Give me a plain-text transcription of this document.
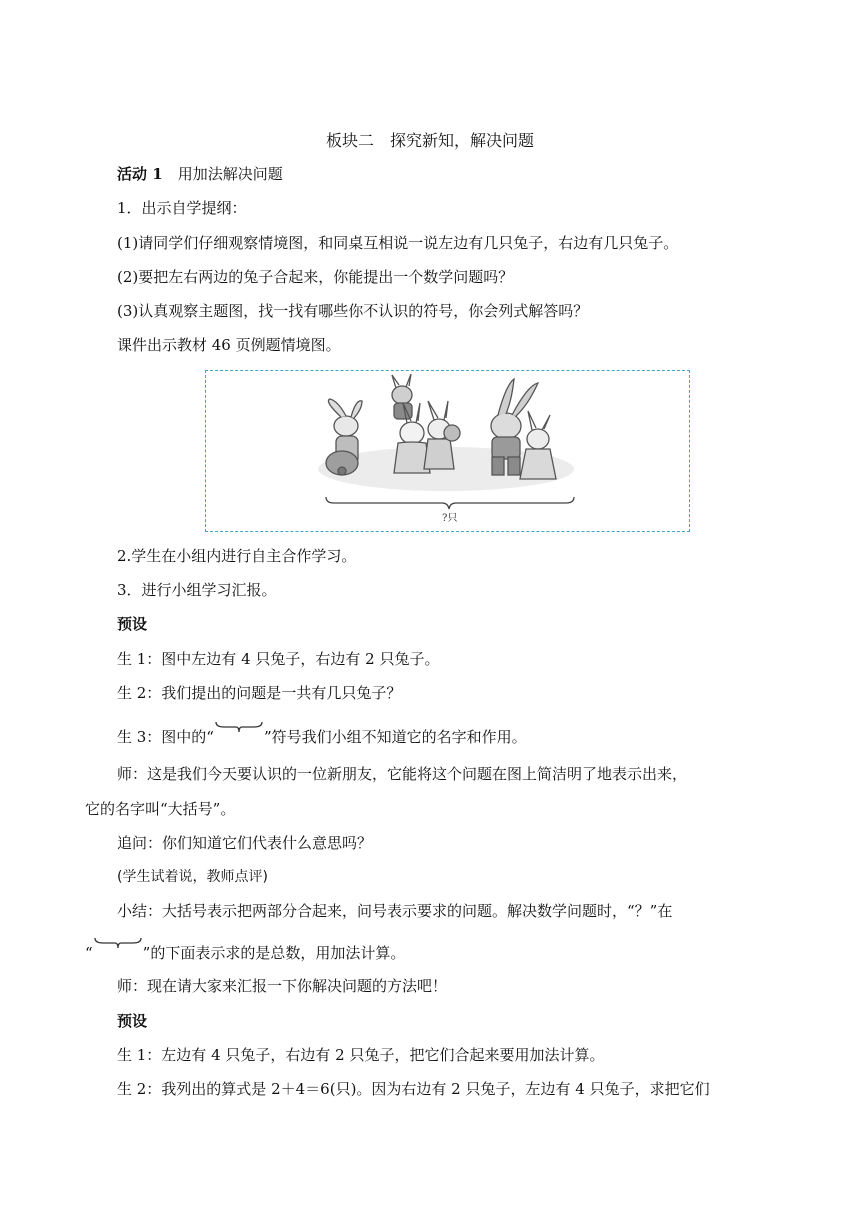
板块二　探究新知，解决问题
活动 1　 用加法解决问题
1．出示自学提纲：
(1)请同学们仔细观察情境图，和同桌互相说一说左边有几只兔子，右边有几只兔子。
(2)要把左右两边的兔子合起来，你能提出一个数学问题吗？
(3)认真观察主题图，找一找有哪些你不认识的符号，你会列式解答吗？
课件出示教材 46 页例题情境图。
?只
2.学生在小组内进行自主合作学习。
3．进行小组学习汇报。
预设
生 1：图中左边有 4 只兔子，右边有 2 只兔子。
生 2：我们提出的问题是一共有几只兔子？
生 3：图中的“	”符号我们小组不知道它的名字和作用。
师：这是我们今天要认识的一位新朋友，它能将这个问题在图上简洁明了地表示出来，
它的名字叫“大括号”。
追问：你们知道它们代表什么意思吗？
(学生试着说，教师点评)
小结：大括号表示把两部分合起来，问号表示要求的问题。解决数学问题时，“？”在
“	”的下面表示求的是总数，用加法计算。
师：现在请大家来汇报一下你解决问题的方法吧！
预设
生 1：左边有 4 只兔子，右边有 2 只兔子，把它们合起来要用加法计算。
生 2：我列出的算式是 2＋4＝6(只)。因为右边有 2 只兔子，左边有 4 只兔子，求把它们
